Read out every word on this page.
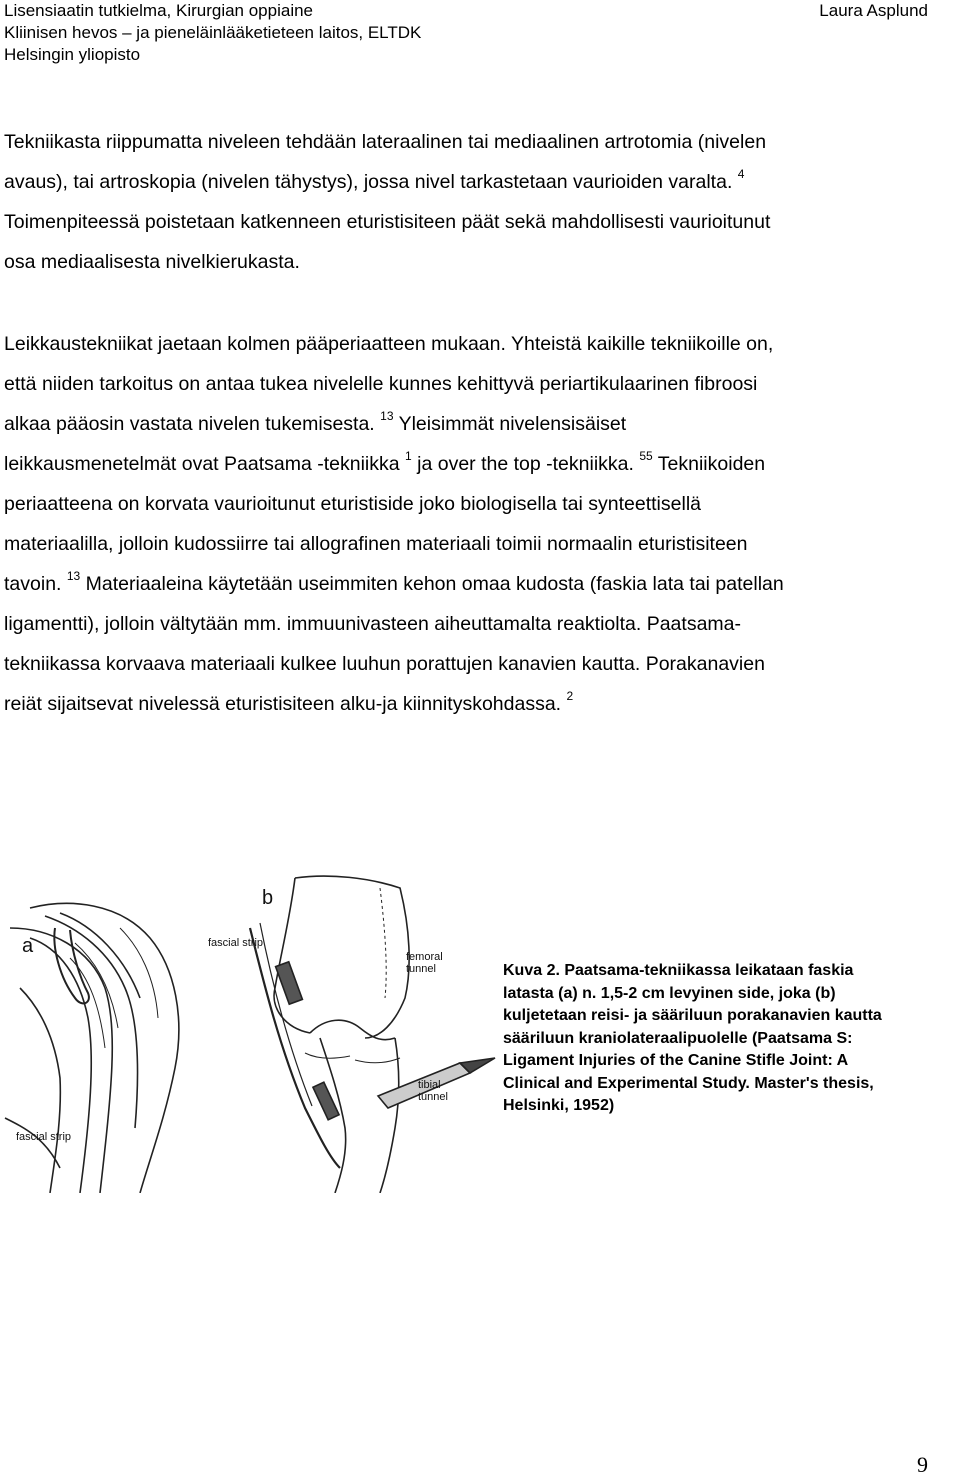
Lisensiaatin tutkielma, Kirurgian oppiaine
Kliinisen hevos – ja pieneläinlääketieteen laitos, ELTDK
Helsingin yliopisto
Laura Asplund
Tekniikasta riippumatta niveleen tehdään lateraalinen tai mediaalinen artrotomia (nivelen
avaus), tai artroskopia (nivelen tähystys), jossa nivel tarkastetaan vaurioiden varalta. $^4$
Toimenpiteessä poistetaan katkenneen eturistisiteen päät sekä mahdollisesti vaurioitunut
osa mediaalisesta nivelkierukasta.
Leikkaustekniikat jaetaan kolmen pääperiaatteen mukaan. Yhteistä kaikille tekniikoille on,
että niiden tarkoitus on antaa tukea nivelelle kunnes kehittyvä periartikulaarinen fibroosi
alkaa pääosin vastata nivelen tukemisesta. $^{13}$ Yleisimmät nivelensisäiset
leikkausmenetelmät ovat Paatsama -tekniikka $^1$ ja over the top -tekniikka. $^{55}$ Tekniikoiden
periaatteena on korvata vaurioitunut eturistiside joko biologisella tai synteettisellä
materiaalilla, jolloin kudossiirre tai allografinen materiaali toimii normaalin eturistisiteen
tavoin. $^{13}$ Materiaaleina käytetään useimmiten kehon omaa kudosta (faskia lata tai patellan
ligamentti), jolloin vältytään mm. immuunivasteen aiheuttamalta reaktiolta. Paatsama-
tekniikassa korvaava materiaali kulkee luuhun porattujen kanavien kautta. Porakanavien
reiät sijaitsevat nivelessä eturistisiteen alku-ja kiinnityskohdassa. $^2$
b
a	fascial strip
femoral
tunnel
tibial
tunnel
fascial strip
Kuva 2. Paatsama-tekniikassa leikataan faskia
latasta (a) n. 1,5-2 cm levyinen side, joka (b)
kuljetetaan reisi- ja sääriluun porakanavien kautta
sääriluun kraniolateraalipuolelle (Paatsama S:
Ligament Injuries of the Canine Stifle Joint: A
Clinical and Experimental Study. Master's thesis,
Helsinki, 1952)
9
